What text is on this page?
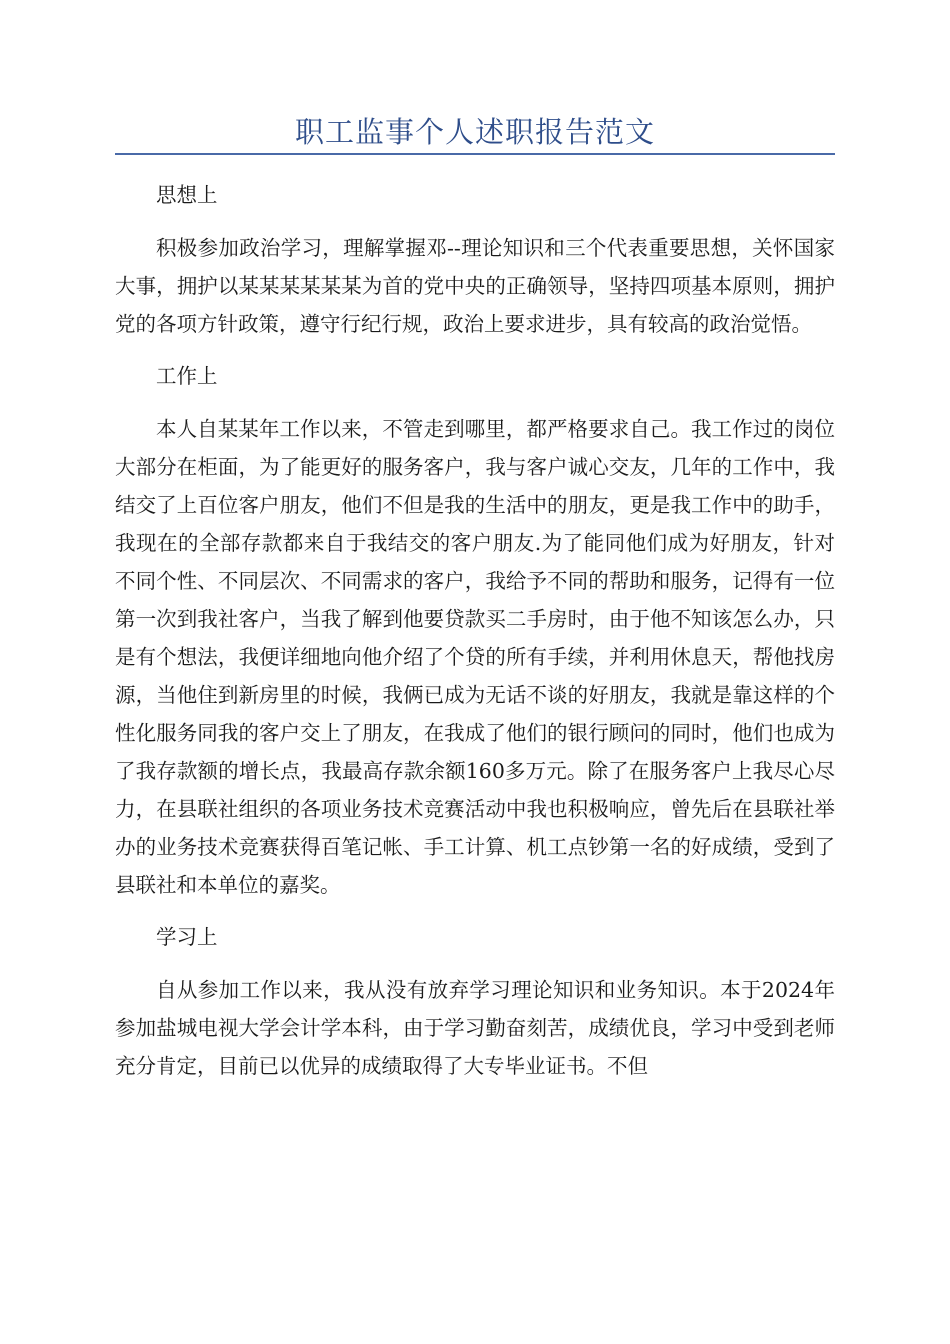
职工监事个人述职报告范文

思想上

积极参加政治学习，理解掌握邓--理论知识和三个代表重要思想，关怀国家大事，拥护以某某某某某某为首的党中央的正确领导，坚持四项基本原则，拥护党的各项方针政策，遵守行纪行规，政治上要求进步，具有较高的政治觉悟。

工作上

本人自某某年工作以来，不管走到哪里，都严格要求自己。我工作过的岗位大部分在柜面，为了能更好的服务客户，我与客户诚心交友，几年的工作中，我结交了上百位客户朋友，他们不但是我的生活中的朋友，更是我工作中的助手，我现在的全部存款都来自于我结交的客户朋友.为了能同他们成为好朋友，针对不同个性、不同层次、不同需求的客户，我给予不同的帮助和服务，记得有一位第一次到我社客户，当我了解到他要贷款买二手房时，由于他不知该怎么办，只是有个想法，我便详细地向他介绍了个贷的所有手续，并利用休息天，帮他找房源，当他住到新房里的时候，我俩已成为无话不谈的好朋友，我就是靠这样的个性化服务同我的客户交上了朋友，在我成了他们的银行顾问的同时，他们也成为了我存款额的增长点，我最高存款余额160多万元。除了在服务客户上我尽心尽力，在县联社组织的各项业务技术竞赛活动中我也积极响应，曾先后在县联社举办的业务技术竞赛获得百笔记帐、手工计算、机工点钞第一名的好成绩，受到了县联社和本单位的嘉奖。

学习上

自从参加工作以来，我从没有放弃学习理论知识和业务知识。本于2024年参加盐城电视大学会计学本科，由于学习勤奋刻苦，成绩优良，学习中受到老师充分肯定，目前已以优异的成绩取得了大专毕业证书。不但
